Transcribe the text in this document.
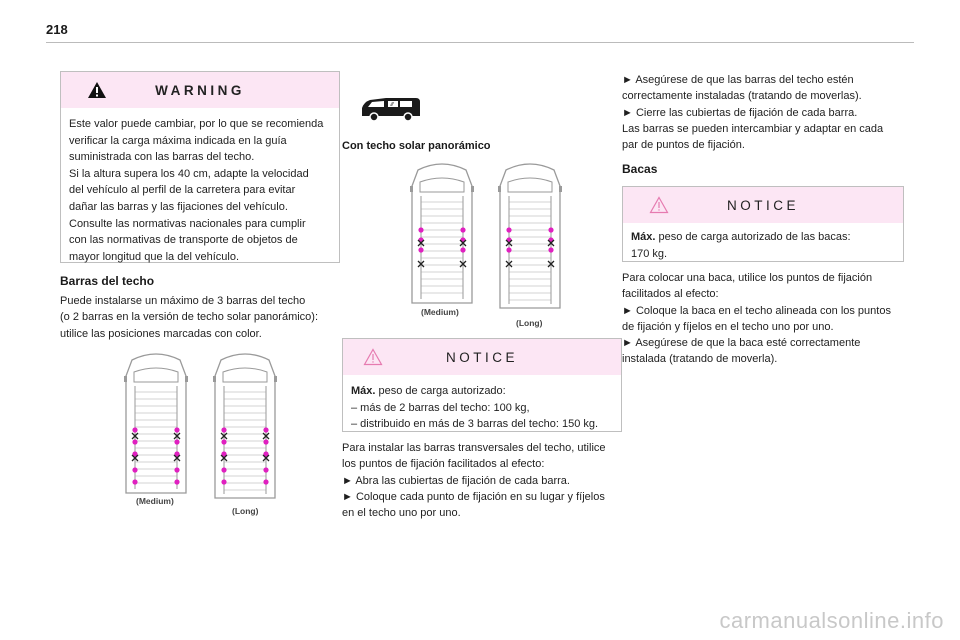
218
WARNING
Este valor puede cambiar, por lo que se recomienda
verificar la carga máxima indicada en la guía
suministrada con las barras del techo.
Si la altura supera los 40 cm, adapte la velocidad
del vehículo al perfil de la carretera para evitar
dañar las barras y las fijaciones del vehículo.
Consulte las normativas nacionales para cumplir
con las normativas de transporte de objetos de
mayor longitud que la del vehículo.
Barras del techo
Puede instalarse un máximo de 3 barras del techo
(o 2 barras en la versión de techo solar panorámico):
utilice las posiciones marcadas con color.
(Medium)
(Long)
⁄⁄⁄
Con techo solar panorámico
(Medium)
(Long)
NOTICE
Máx. peso de carga autorizado:
– más de 2 barras del techo: 100 kg,
– distribuido en más de 3 barras del techo: 150 kg.
Para instalar las barras transversales del techo, utilice
los puntos de fijación facilitados al efecto:
► Abra las cubiertas de fijación de cada barra.
► Coloque cada punto de fijación en su lugar y fíjelos
en el techo uno por uno.
► Asegúrese de que las barras del techo estén
correctamente instaladas (tratando de moverlas).
► Cierre las cubiertas de fijación de cada barra.
Las barras se pueden intercambiar y adaptar en cada
par de puntos de fijación.
Bacas
NOTICE
Máx. peso de carga autorizado de las bacas:
170 kg.
Para colocar una baca, utilice los puntos de fijación
facilitados al efecto:
► Coloque la baca en el techo alineada con los puntos
de fijación y fíjelos en el techo uno por uno.
► Asegúrese de que la baca esté correctamente
instalada (tratando de moverla).
carmanualsonline.info
